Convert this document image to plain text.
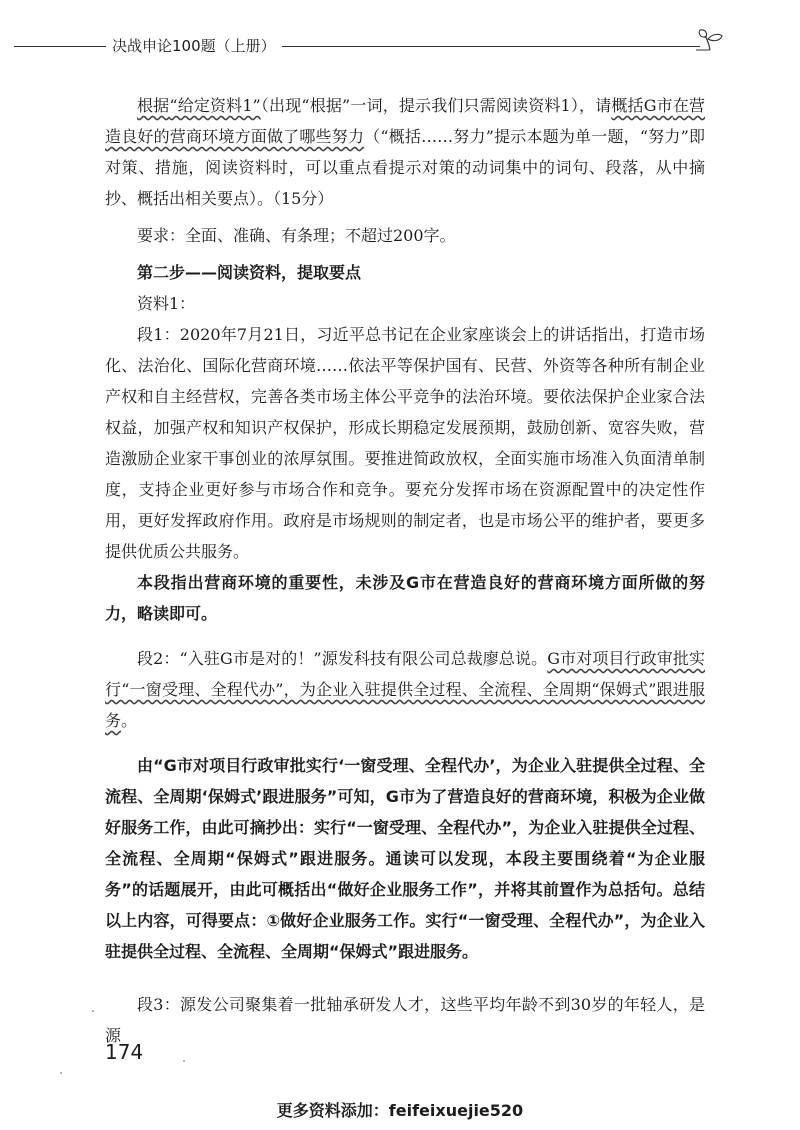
决战申论100题（上册）

根据“给定资料1”（出现“根据”一词，提示我们只需阅读资料1），请概括G市在营造良好的营商环境方面做了哪些努力（“概括……努力”提示本题为单一题，“努力”即对策、措施，阅读资料时，可以重点看提示对策的动词集中的词句、段落，从中摘抄、概括出相关要点）。（15分）

要求：全面、准确、有条理；不超过200字。

第二步——阅读资料，提取要点

资料1：

段1：2020年7月21日，习近平总书记在企业家座谈会上的讲话指出，打造市场化、法治化、国际化营商环境……依法平等保护国有、民营、外资等各种所有制企业产权和自主经营权，完善各类市场主体公平竞争的法治环境。要依法保护企业家合法权益，加强产权和知识产权保护，形成长期稳定发展预期，鼓励创新、宽容失败，营造激励企业家干事创业的浓厚氛围。要推进简政放权，全面实施市场准入负面清单制度，支持企业更好参与市场合作和竞争。要充分发挥市场在资源配置中的决定性作用，更好发挥政府作用。政府是市场规则的制定者，也是市场公平的维护者，要更多提供优质公共服务。

本段指出营商环境的重要性，未涉及G市在营造良好的营商环境方面所做的努力，略读即可。

段2：“入驻G市是对的！”源发科技有限公司总裁廖总说。G市对项目行政审批实行“一窗受理、全程代办”，为企业入驻提供全过程、全流程、全周期“保姆式”跟进服务。

由“G市对项目行政审批实行‘一窗受理、全程代办’，为企业入驻提供全过程、全流程、全周期‘保姆式’跟进服务”可知，G市为了营造良好的营商环境，积极为企业做好服务工作，由此可摘抄出：实行“一窗受理、全程代办”，为企业入驻提供全过程、全流程、全周期“保姆式”跟进服务。通读可以发现，本段主要围绕着“为企业服务”的话题展开，由此可概括出“做好企业服务工作”，并将其前置作为总括句。总结以上内容，可得要点：①做好企业服务工作。实行“一窗受理、全程代办”，为企业入驻提供全过程、全流程、全周期“保姆式”跟进服务。

段3：源发公司聚集着一批轴承研发人才，这些平均年龄不到30岁的年轻人，是源

174
更多资料添加：feifeixuejie520
